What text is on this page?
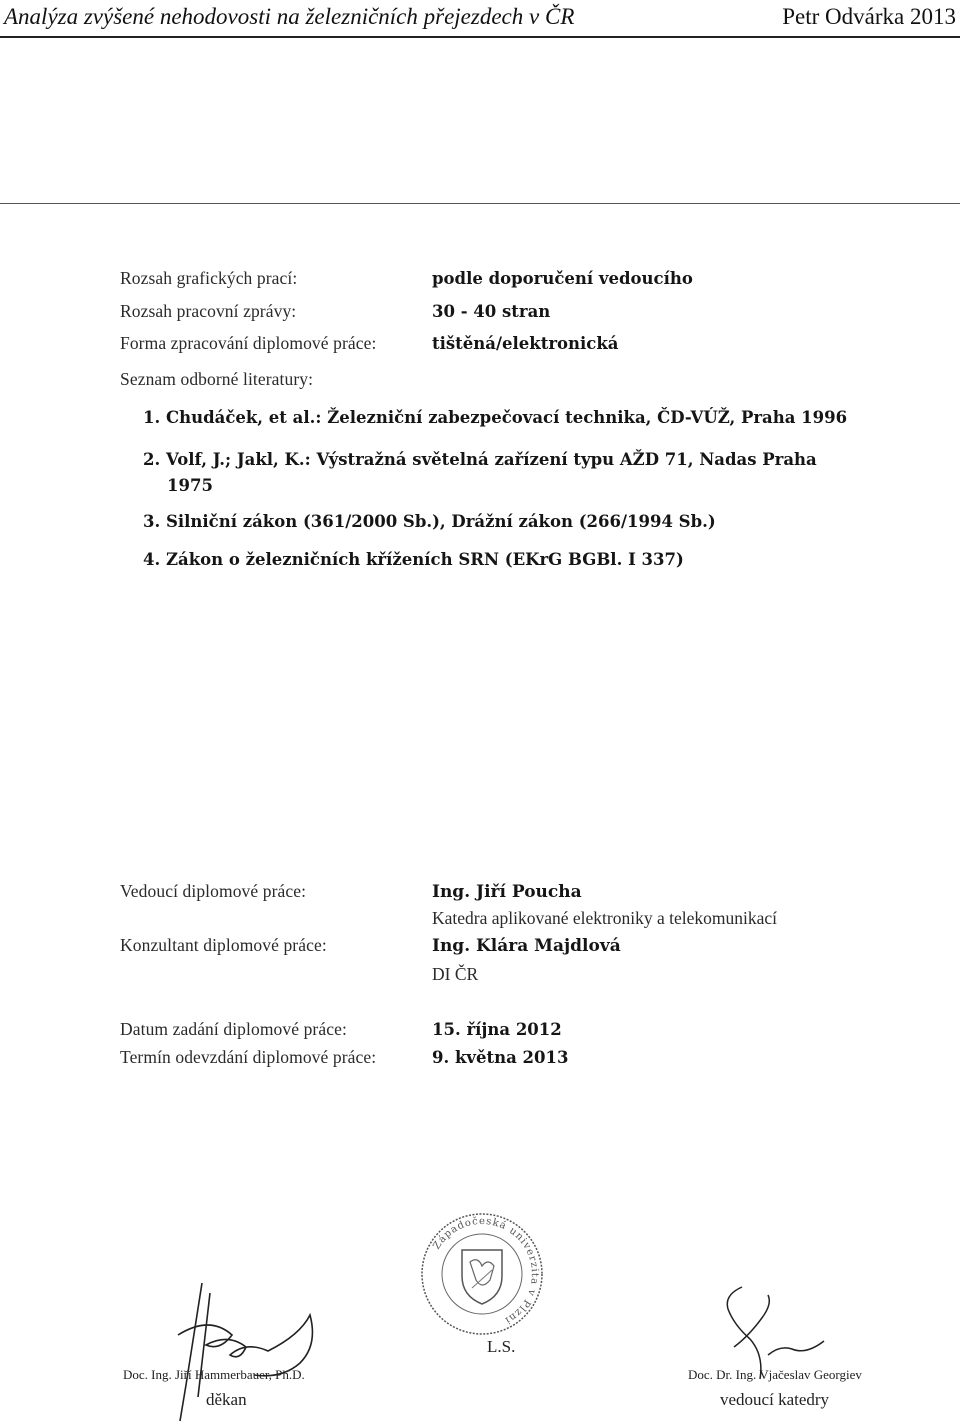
Analýza zvýšené nehodovosti na železničních přejezdech v ČR	Petr Odvárka 2013
Rozsah grafických prací:	podle doporučení vedoucího
Rozsah pracovní zprávy:	30 - 40 stran
Forma zpracování diplomové práce:	tištěná/elektronická
Seznam odborné literatury:
1. Chudáček, et al.: Železniční zabezpečovací technika, ČD-VÚŽ, Praha 1996
2. Volf, J.; Jakl, K.: Výstražná světelná zařízení typu AŽD 71, Nadas Praha
1975
3. Silniční zákon (361/2000 Sb.), Drážní zákon (266/1994 Sb.)
4. Zákon o železničních kříženích SRN (EKrG BGBl. I 337)
Vedoucí diplomové práce:	Ing. Jiří Poucha
Katedra aplikované elektroniky a telekomunikací
Konzultant diplomové práce:	Ing. Klára Majdlová
DI ČR
Datum zadání diplomové práce:	15. října 2012
Termín odevzdání diplomové práce:	9. května 2013
Západočeská univerzita v Plzni
Doc. Ing. Jiří Hammerbauer, Ph.D.
děkan
L.S.
Doc. Dr. Ing. Vjačeslav Georgiev
vedoucí katedry
